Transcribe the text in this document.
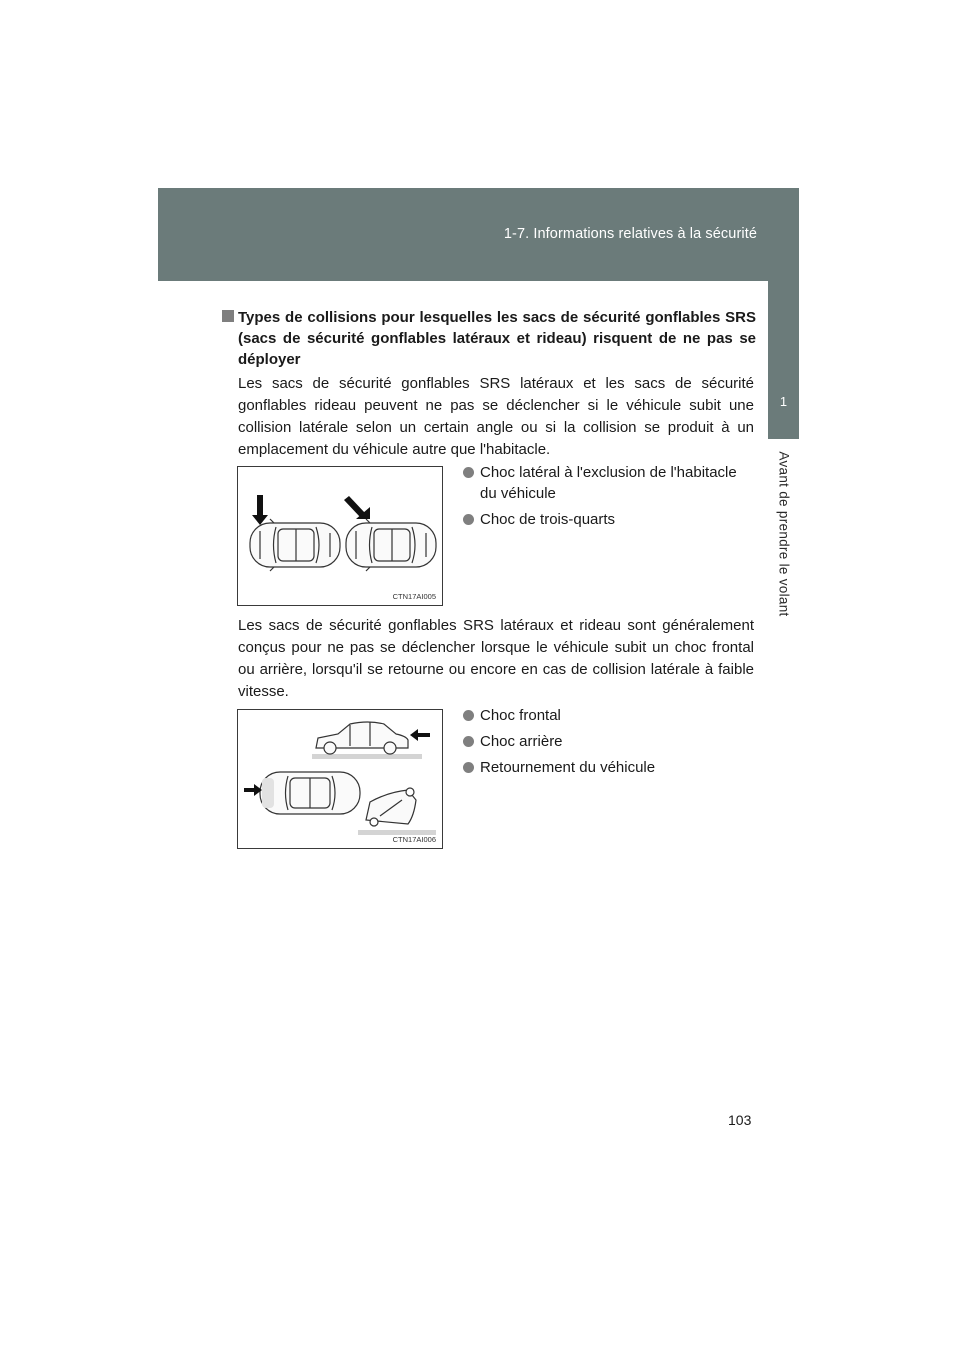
1-7. Informations relatives à la sécurité
1
Avant de prendre le volant
Types de collisions pour lesquelles les sacs de sécurité gonflables SRS (sacs de sécurité gonflables latéraux et rideau) risquent de ne pas se déployer
Les sacs de sécurité gonflables SRS latéraux et les sacs de sécurité gonflables rideau peuvent ne pas se déclencher si le véhicule subit une collision latérale selon un certain angle ou si la collision se produit à un emplacement du véhicule autre que l'habitacle.
CTN17AI005
Choc latéral à l'exclusion de l'habitacle du véhicule
Choc de trois-quarts
Les sacs de sécurité gonflables SRS latéraux et rideau sont généralement conçus pour ne pas se déclencher lorsque le véhicule subit un choc frontal ou arrière, lorsqu'il se retourne ou encore en cas de collision latérale à faible vitesse.
CTN17AI006
Choc frontal
Choc arrière
Retournement du véhicule
103
